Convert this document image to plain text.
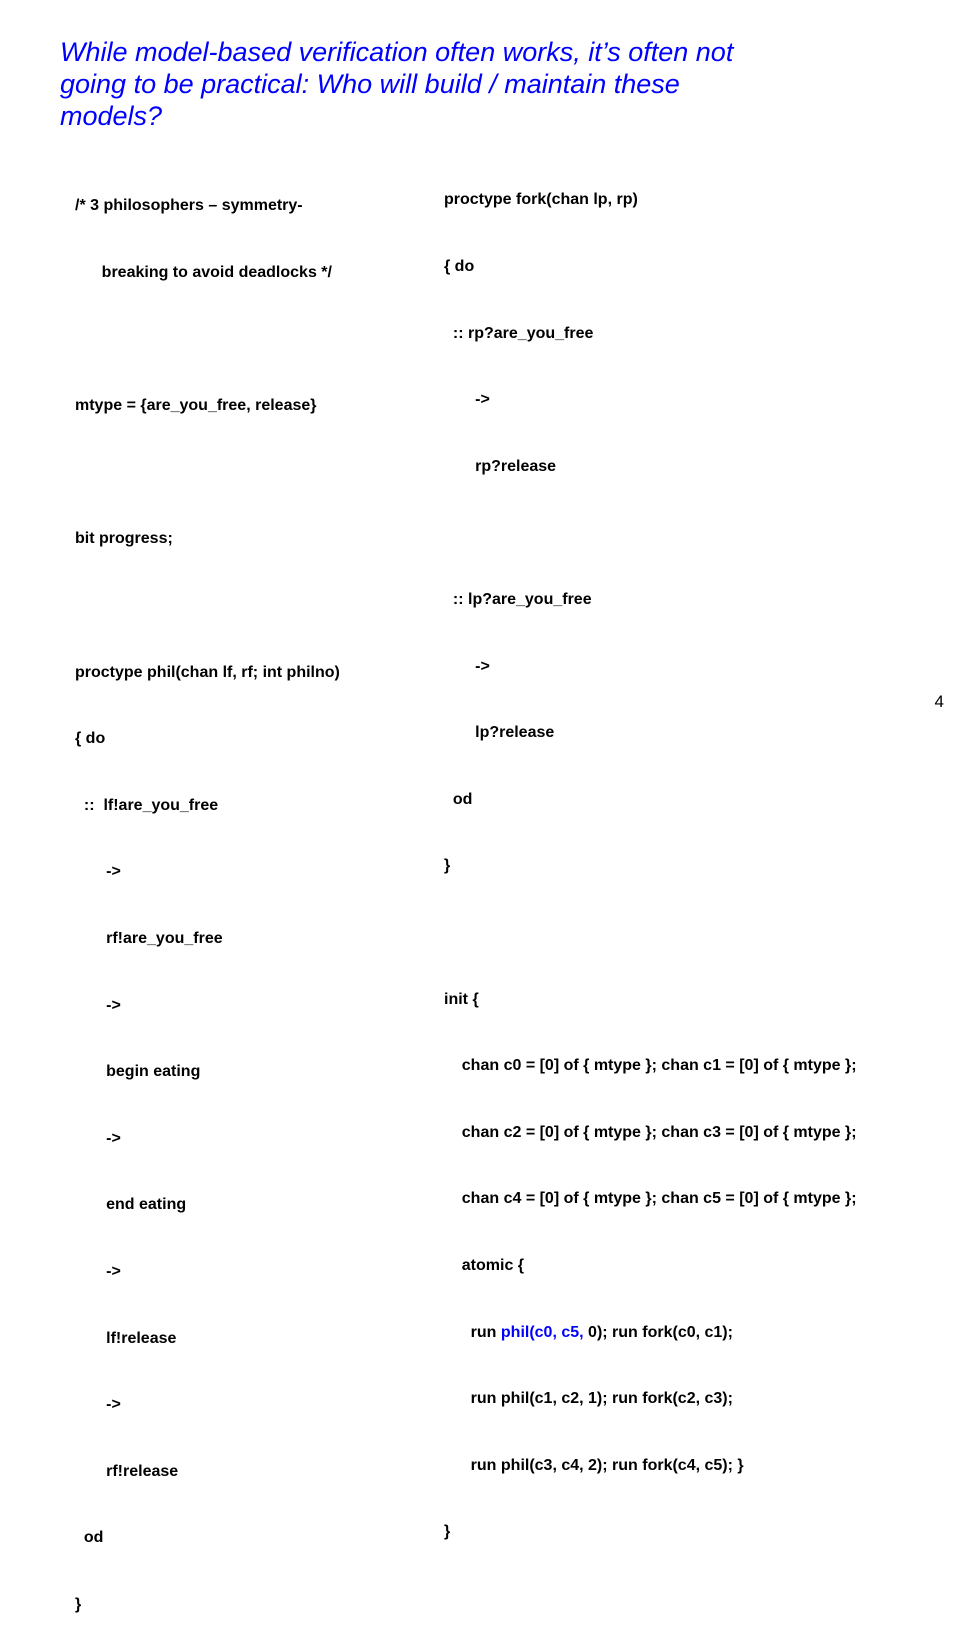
While model-based verification often works, it’s often not
going to be practical: Who will build / maintain these
models?

/* 3 philosophers – symmetry-

breaking to avoid deadlocks */

mtype = {are_you_free, release}

bit progress;

proctype phil(chan lf, rf; int philno)

{ do

::  lf!are_you_free

->

rf!are_you_free

->

begin eating

->

end eating

->

lf!release

->

rf!release

od

}

proctype fork(chan lp, rp)

{ do

:: rp?are_you_free

->

rp?release

:: lp?are_you_free

->

lp?release

od

}

init {

chan c0 = [0] of { mtype }; chan c1 = [0] of { mtype };

chan c2 = [0] of { mtype }; chan c3 = [0] of { mtype };

chan c4 = [0] of { mtype }; chan c5 = [0] of { mtype };

atomic {

run phil(c0, c5, 0); run fork(c0, c1);

run phil(c1, c2, 1); run fork(c2, c3);

run phil(c3, c4, 2); run fork(c4, c5); }

}

4
